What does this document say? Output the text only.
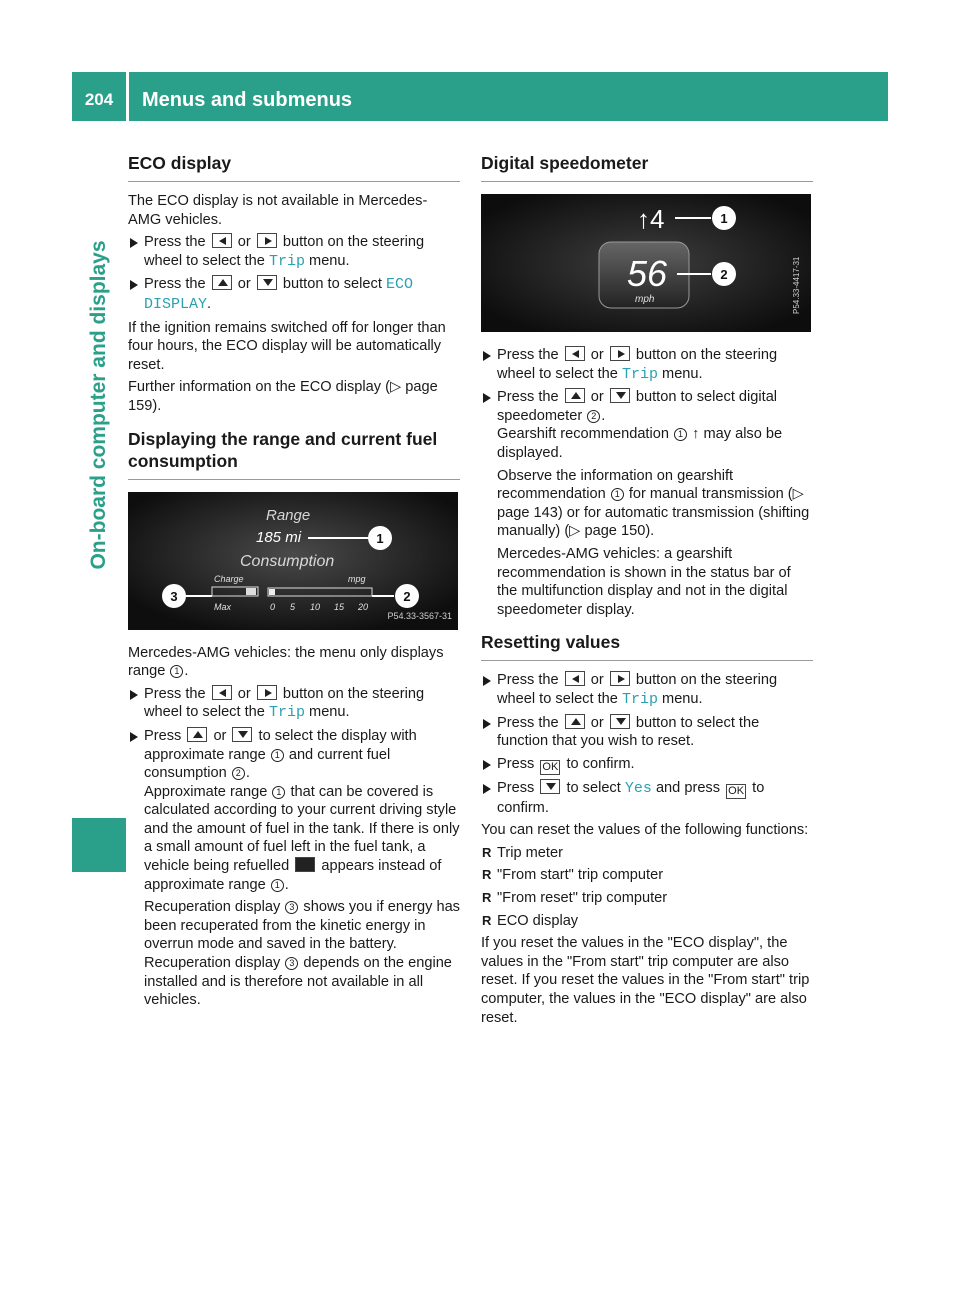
204	Menus and submenus
On-board computer and displays
ECO display

The ECO display is not available in Mercedes-AMG vehicles.

Press the or button on the steering wheel to select the Trip menu.
Press the or button to select ECO DISPLAY.

If the ignition remains switched off for longer than four hours, the ECO display will be automatically reset.

Further information on the ECO display (▷ page 159).

Displaying the range and current fuel consumption
Range
185 mi
Consumption
1
Charge	mpg
Max	0 5 10 15 20
3	2
P54.33-3567-31

Mercedes-AMG vehicles: the menu only displays range 1 .

Press the or button on the steering wheel to select the Trip menu.
Press or to select the display with approximate range 1 and current fuel consumption 2 .
Approximate range 1 that can be covered is calculated according to your current driving style and the amount of fuel in the tank. If there is only a small amount of fuel left in the fuel tank, a vehicle being refuelled appears instead of approximate range 1 .
Recuperation display 3 shows you if energy has been recuperated from the kinetic energy in overrun mode and saved in the battery. Recuperation display 3 depends on the engine installed and is therefore not available in all vehicles.
Digital speedometer
↑4	1
56
mph
2	P54.33-4417-31
Press the or button on the steering wheel to select the Trip menu.
Press the or button to select digital speedometer 2 .
Gearshift recommendation 1 ↑ may also be displayed.
Observe the information on gearshift recommendation 1 for manual transmission (▷ page 143) or for automatic transmission (shifting manually) (▷ page 150).
Mercedes-AMG vehicles: a gearshift recommendation is shown in the status bar of the multifunction display and not in the digital speedometer display.
Resetting values
Press the or button on the steering wheel to select the Trip menu.
Press the or button to select the function that you wish to reset.
Press OK to confirm.
Press to select Yes and press OK to confirm.

You can reset the values of the following functions:

R Trip meter
R "From start" trip computer
R "From reset" trip computer
R ECO display

If you reset the values in the "ECO display", the values in the "From start" trip computer are also reset. If you reset the values in the "From start" trip computer, the values in the "ECO display" are also reset.
